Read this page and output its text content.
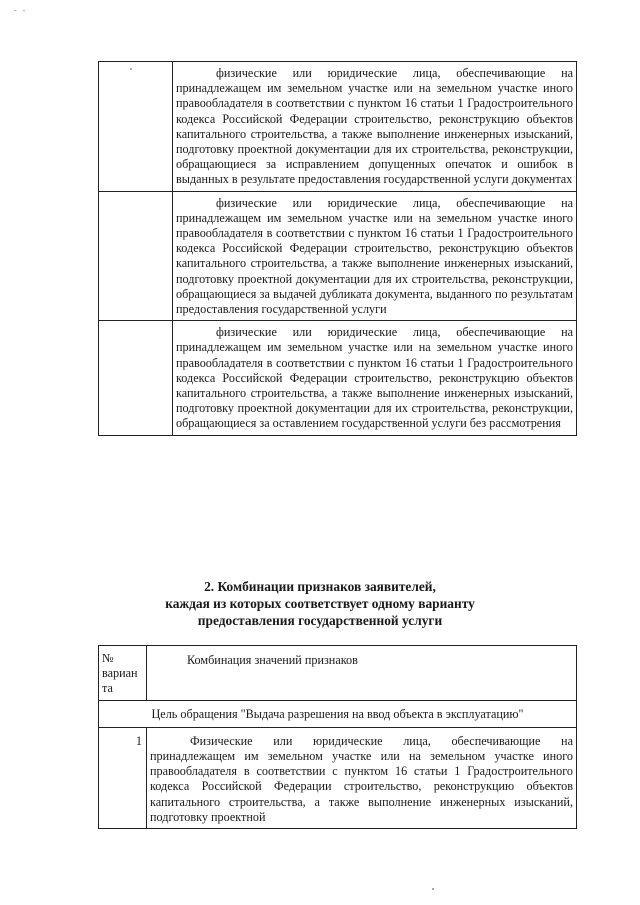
- -

	физические или юридические лица, обеспечивающие на принадлежащем им земельном участке или на земельном участке иного правообладателя в соответствии с пунктом 16 статьи 1 Градостроительного кодекса Российской Федерации строительство, реконструкцию объектов капитального строительства, а также выполнение инженерных изысканий, подготовку проектной документации для их строительства, реконструкции, обращающиеся за исправлением допущенных опечаток и ошибок в выданных в результате предоставления государственной услуги документах

	физические или юридические лица, обеспечивающие на принадлежащем им земельном участке или на земельном участке иного правообладателя в соответствии с пунктом 16 статьи 1 Градостроительного кодекса Российской Федерации строительство, реконструкцию объектов капитального строительства, а также выполнение инженерных изысканий, подготовку проектной документации для их строительства, реконструкции, обращающиеся за выдачей дубликата документа, выданного по результатам предоставления государственной услуги

	физические или юридические лица, обеспечивающие на принадлежащем им земельном участке или на земельном участке иного правообладателя в соответствии с пунктом 16 статьи 1 Градостроительного кодекса Российской Федерации строительство, реконструкцию объектов капитального строительства, а также выполнение инженерных изысканий, подготовку проектной документации для их строительства, реконструкции, обращающиеся за оставлением государственной услуги без рассмотрения
2. Комбинации признаков заявителей,
каждая из которых соответствует одному варианту
предоставления государственной услуги
№ вариан та	Комбинация значений признаков
Цель обращения "Выдача разрешения на ввод объекта в эксплуатацию"	
1	Физические или юридические лица, обеспечивающие на принадлежащем им земельном участке или на земельном участке иного правообладателя в соответствии с пунктом 16 статьи 1 Градостроительного кодекса Российской Федерации строительство, реконструкцию объектов капитального строительства, а также выполнение инженерных изысканий, подготовку проектной
